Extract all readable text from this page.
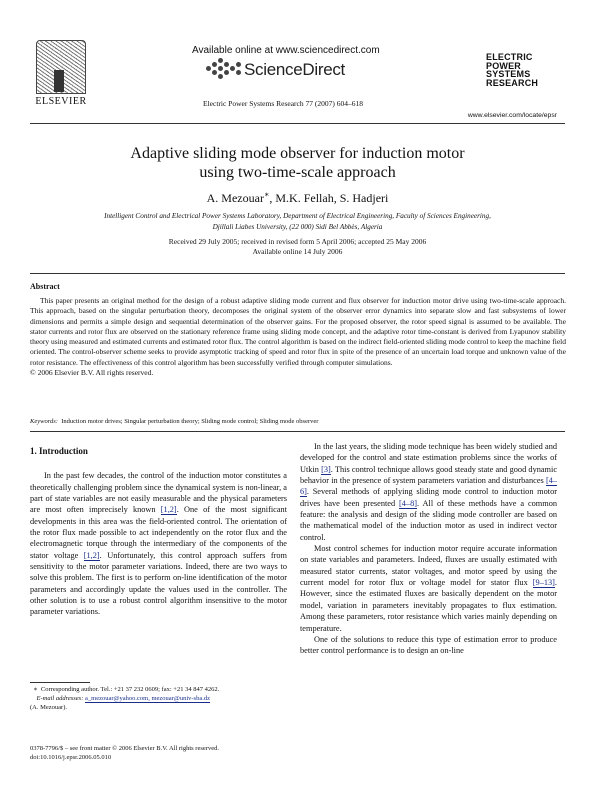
ELSEVIER
Available online at www.sciencedirect.com
ScienceDirect
Electric Power Systems Research 77 (2007) 604–618
ELECTRIC
POWER
SYSTEMS
RESEARCH
www.elsevier.com/locate/epsr
Adaptive sliding mode observer for induction motor
using two-time-scale approach
A. Mezouar∗, M.K. Fellah, S. Hadjeri
Intelligent Control and Electrical Power Systems Laboratory, Department of Electrical Engineering, Faculty of Sciences Engineering,
Djillali Liabes University, (22 000) Sidi Bel Abbès, Algeria
Received 29 July 2005; received in revised form 5 April 2006; accepted 25 May 2006
Available online 14 July 2006
Abstract

This paper presents an original method for the design of a robust adaptive sliding mode current and flux observer for induction motor drive using two-time-scale approach. This approach, based on the singular perturbation theory, decomposes the original system of the observer error dynamics into separate slow and fast subsystems of lower dimensions and permits a simple design and sequential determination of the observer gains. For the proposed observer, the rotor speed signal is assumed to be available. The stator currents and rotor flux are observed on the stationary reference frame using sliding mode concept, and the adaptive rotor time-constant is derived from Lyapunov stability theory using measured and estimated currents and estimated rotor flux. The control algorithm is based on the indirect field-oriented sliding mode control to keep the machine field oriented. The control-observer scheme seeks to provide asymptotic tracking of speed and rotor flux in spite of the presence of an uncertain load torque and unknown value of the rotor resistance. The effectiveness of this control algorithm has been successfully verified through computer simulations.

© 2006 Elsevier B.V. All rights reserved.

Keywords: Induction motor drives; Singular perturbation theory; Sliding mode control; Sliding mode observer

1. Introduction

In the past few decades, the control of the induction motor constitutes a theoretically challenging problem since the dynamical system is non-linear, a part of state variables are not easily measurable and the physical parameters are most often imprecisely known [1,2]. One of the most significant developments in this area was the field-oriented control. The orientation of the rotor flux made possible to act independently on the rotor flux and the electromagnetic torque through the intermediary of the components of the stator voltage [1,2]. Unfortunately, this control approach suffers from sensitivity to the motor parameter variations. Indeed, there are two ways to solve this problem. The first is to perform on-line identification of the motor parameters and accordingly update the values used in the controller. The other solution is to use a robust control algorithm insensitive to the motor parameter variations.

∗ Corresponding author. Tel.: +21 37 232 0609; fax: +21 34 847 4262.
E-mail addresses: a_mezouar@yahoo.com, mezouar@univ-sba.dz
(A. Mezouar).
0378-7796/$ – see front matter © 2006 Elsevier B.V. All rights reserved.
doi:10.1016/j.epsr.2006.05.010

In the last years, the sliding mode technique has been widely studied and developed for the control and state estimation problems since the works of Utkin [3]. This control technique allows good steady state and good dynamic behavior in the presence of system parameters variation and disturbances [4–6]. Several methods of applying sliding mode control to induction motor drives have been presented [4–8]. All of these methods have a common feature: the analysis and design of the sliding mode controller are based on the mathematical model of the induction motor as used in indirect vector control.

Most control schemes for induction motor require accurate information on state variables and parameters. Indeed, fluxes are usually estimated with measured stator currents, stator voltages, and motor speed by using the current model for rotor flux or voltage model for stator flux [9–13]. However, since the estimated fluxes are basically dependent on the motor model, variation in parameters inevitably propagates to flux estimation. Among these parameters, rotor resistance which varies mainly depending on temperature.

One of the solutions to reduce this type of estimation error to produce better control performance is to design an on-line
